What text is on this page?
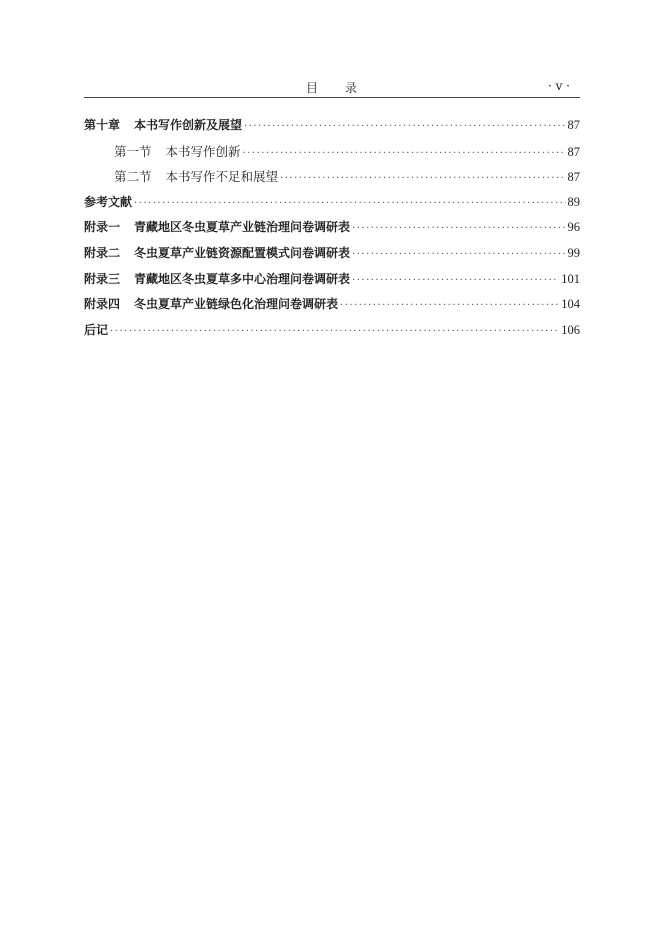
目　　录	· v ·
第十章 本书写作创新及展望 ·····	87
第一节 本书写作创新 ·····	87
第二节 本书写作不足和展望 ·····	87
参考文献 ·····	89
附录一 青藏地区冬虫夏草产业链治理问卷调研表 ·····	96
附录二 冬虫夏草产业链资源配置模式问卷调研表 ·····	99
附录三 青藏地区冬虫夏草多中心治理问卷调研表 ·····	101
附录四 冬虫夏草产业链绿色化治理问卷调研表 ·····	104
后记 ·····	106
